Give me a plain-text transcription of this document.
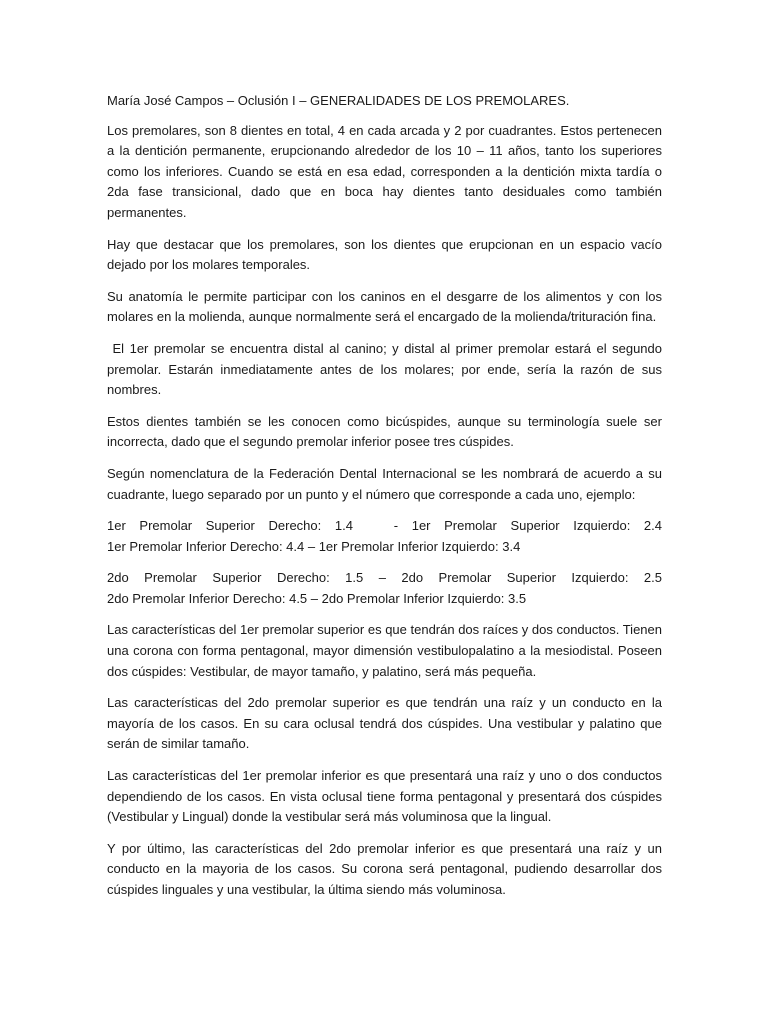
María José Campos – Oclusión I – GENERALIDADES DE LOS PREMOLARES.

Los premolares, son 8 dientes en total, 4 en cada arcada y 2 por cuadrantes. Estos pertenecen a la dentición permanente, erupcionando alrededor de los 10 – 11 años, tanto los superiores como los inferiores. Cuando se está en esa edad, corresponden a la dentición mixta tardía o 2da fase transicional, dado que en boca hay dientes tanto desiduales como también permanentes.

Hay que destacar que los premolares, son los dientes que erupcionan en un espacio vacío dejado por los molares temporales.

Su anatomía le permite participar con los caninos en el desgarre de los alimentos y con los molares en la molienda, aunque normalmente será el encargado de la molienda/trituración fina.

El 1er premolar se encuentra distal al canino; y distal al primer premolar estará el segundo premolar. Estarán inmediatamente antes de los molares; por ende, sería la razón de sus nombres.

Estos dientes también se les conocen como bicúspides, aunque su terminología suele ser incorrecta, dado que el segundo premolar inferior posee tres cúspides.

Según nomenclatura de la Federación Dental Internacional se les nombrará de acuerdo a su cuadrante, luego separado por un punto y el número que corresponde a cada uno, ejemplo:

1er Premolar Superior Derecho: 1.4   - 1er Premolar Superior Izquierdo: 2.4
1er Premolar Inferior Derecho: 4.4 – 1er Premolar Inferior Izquierdo: 3.4

2do Premolar Superior Derecho: 1.5 – 2do Premolar Superior Izquierdo: 2.5
2do Premolar Inferior Derecho: 4.5 – 2do Premolar Inferior Izquierdo: 3.5

Las características del 1er premolar superior es que tendrán dos raíces y dos conductos. Tienen una corona con forma pentagonal, mayor dimensión vestibulopalatino a la mesiodistal. Poseen dos cúspides: Vestibular, de mayor tamaño, y palatino, será más pequeña.

Las características del 2do premolar superior es que tendrán una raíz y un conducto en la mayoría de los casos. En su cara oclusal tendrá dos cúspides. Una vestibular y palatino que serán de similar tamaño.

Las características del 1er premolar inferior es que presentará una raíz y uno o dos conductos dependiendo de los casos. En vista oclusal tiene forma pentagonal y presentará dos cúspides (Vestibular y Lingual) donde la vestibular será más voluminosa que la lingual.

Y por último, las características del 2do premolar inferior es que presentará una raíz y un conducto en la mayoria de los casos. Su corona será pentagonal, pudiendo desarrollar dos cúspides linguales y una vestibular, la última siendo más voluminosa.
